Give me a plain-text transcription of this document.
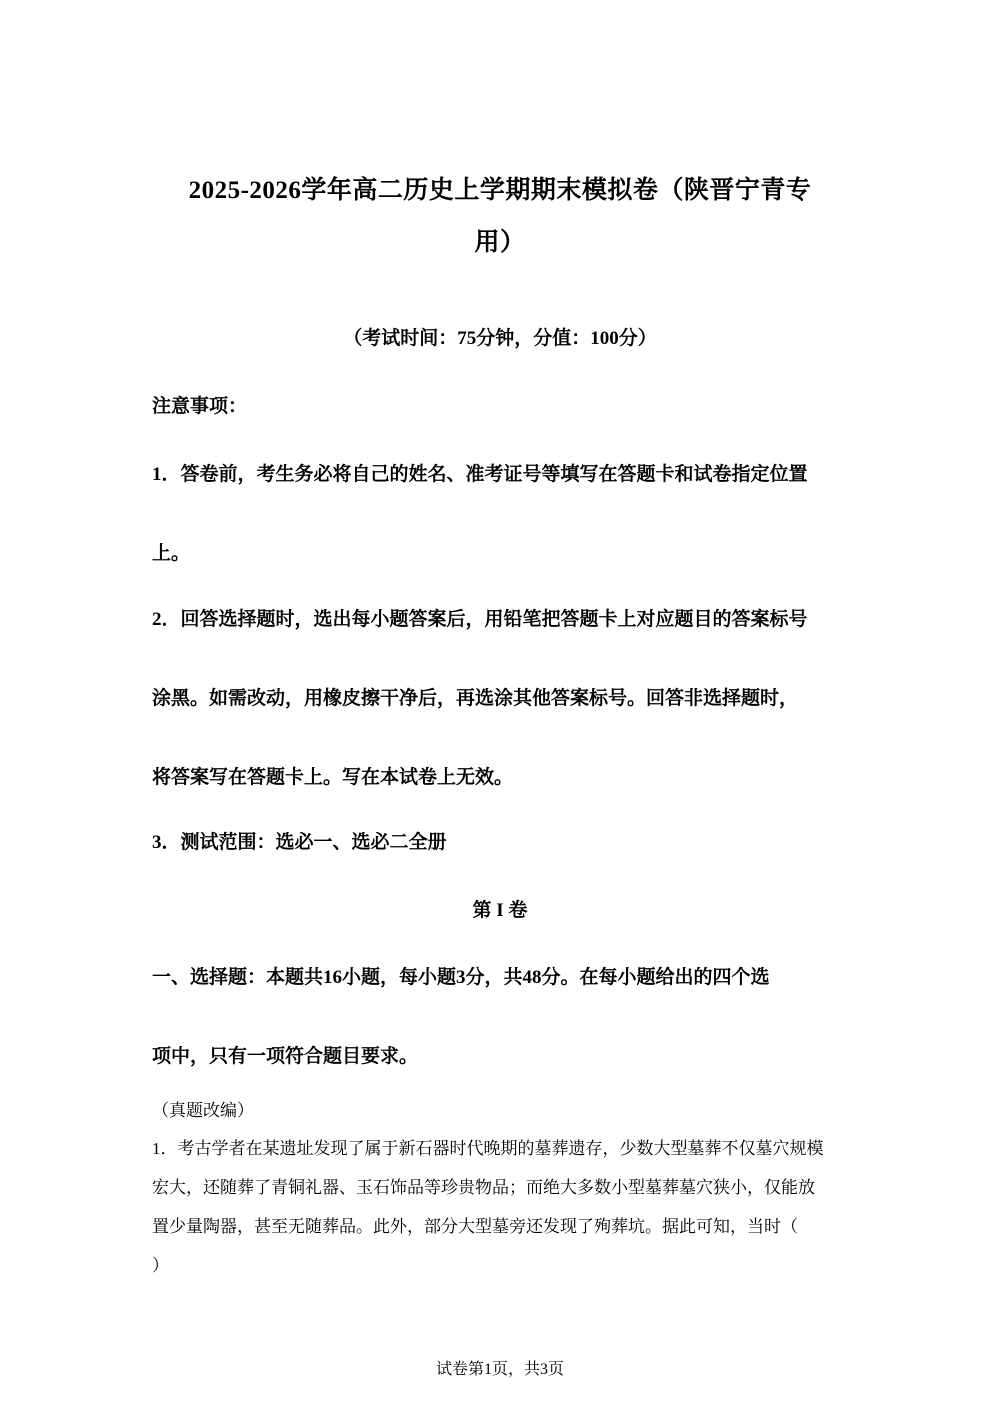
2025-2026学年高二历史上学期期末模拟卷（陕晋宁青专
用）
（考试时间：75分钟，分值：100分）
注意事项：
1．答卷前，考生务必将自己的姓名、准考证号等填写在答题卡和试卷指定位置
上。
2．回答选择题时，选出每小题答案后，用铅笔把答题卡上对应题目的答案标号
涂黑。如需改动，用橡皮擦干净后，再选涂其他答案标号。回答非选择题时，
将答案写在答题卡上。写在本试卷上无效。
3．测试范围：选必一、选必二全册
第 I 卷
一、选择题：本题共16小题，每小题3分，共48分。在每小题给出的四个选
项中，只有一项符合题目要求。
（真题改编）
1．考古学者在某遗址发现了属于新石器时代晚期的墓葬遗存，少数大型墓葬不仅墓穴规模
宏大，还随葬了青铜礼器、玉石饰品等珍贵物品；而绝大多数小型墓葬墓穴狭小，仅能放
置少量陶器，甚至无随葬品。此外，部分大型墓旁还发现了殉葬坑。据此可知，当时（
）
试卷第1页，共3页
